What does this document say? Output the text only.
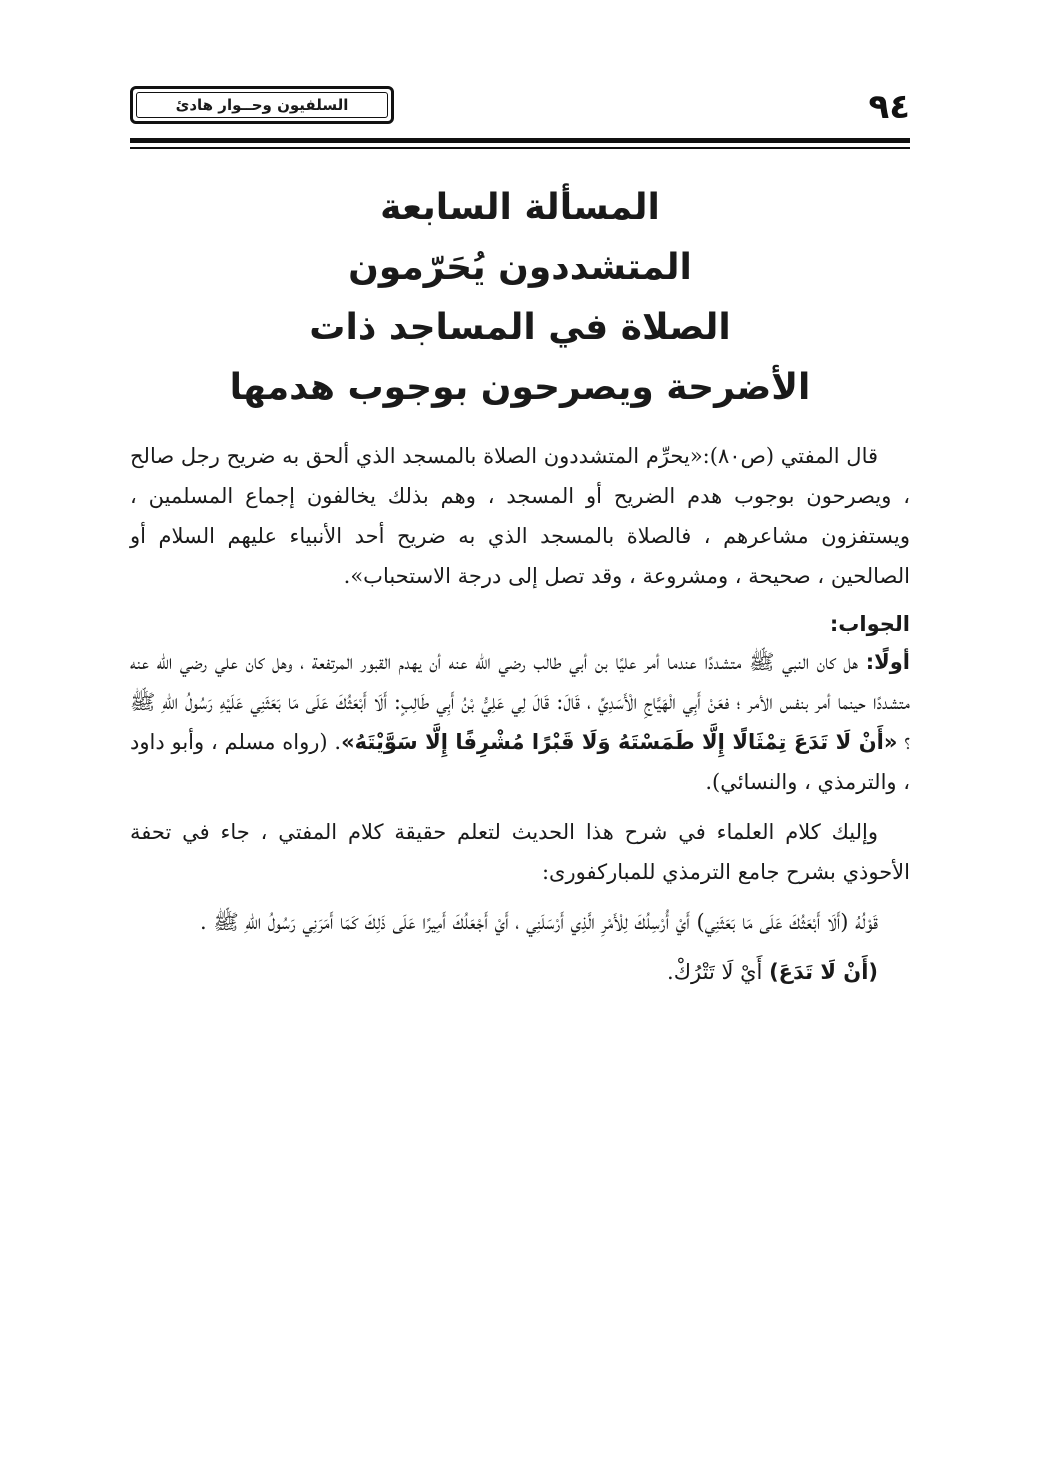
٩٤
السلفيون وحــوار هادئ
المسألة السابعة
المتشددون يُحَرّمون
الصلاة في المساجد ذات
الأضرحة ويصرحون بوجوب هدمها

قال المفتي (ص٨٠):«يحرِّم المتشددون الصلاة بالمسجد الذي ألحق به ضريح رجل صالح ، ويصرحون بوجوب هدم الضريح أو المسجد ، وهم بذلك يخالفون إجماع المسلمين ، ويستفزون مشاعرهم ، فالصلاة بالمسجد الذي به ضريح أحد الأنبياء عليهم السلام أو الصالحين ، صحيحة ، ومشروعة ، وقد تصل إلى درجة الاستحباب».

الجواب:

أولًا: هل كان النبي ﷺ متشددًا عندما أمر عليًا بن أبي طالب رضي الله عنه أن يهدم القبور المرتفعة ، وهل كان علي رضي الله عنه متشددًا حينما أمر بنفس الأمر ؛ فعَنْ أَبِي الْهَيَّاجِ الْأَسَدِيِّ ، قَالَ: قَالَ لِي عَلِيُّ بْنُ أَبِي طَالِبٍ: أَلَا أَبْعَثُكَ عَلَى مَا بَعَثَنِي عَلَيْهِ رَسُولُ اللهِ ﷺ ؟ «أَنْ لَا تَدَعَ تِمْثَالًا إِلَّا طَمَسْتَهُ وَلَا قَبْرًا مُشْرِفًا إِلَّا سَوَّيْتَهُ». (رواه مسلم ، وأبو داود ، والترمذي ، والنسائي).

وإليك كلام العلماء في شرح هذا الحديث لتعلم حقيقة كلام المفتي ، جاء في تحفة الأحوذي بشرح جامع الترمذي للمباركفورى:

قَوْلُهُ (أَلَا أَبْعَثُكَ عَلَى مَا بَعَثَنِي) أَيْ أُرْسِلُكَ لِلْأَمْرِ الَّذِي أَرْسَلَنِي ، أَيْ أَجْعَلُكَ أَمِيرًا عَلَى ذَلِكَ كَمَا أَمَرَنِي رَسُولُ اللهِ ﷺ .

(أَنْ لَا تَدَعَ) أَيْ لَا تَتْرُكْ.
